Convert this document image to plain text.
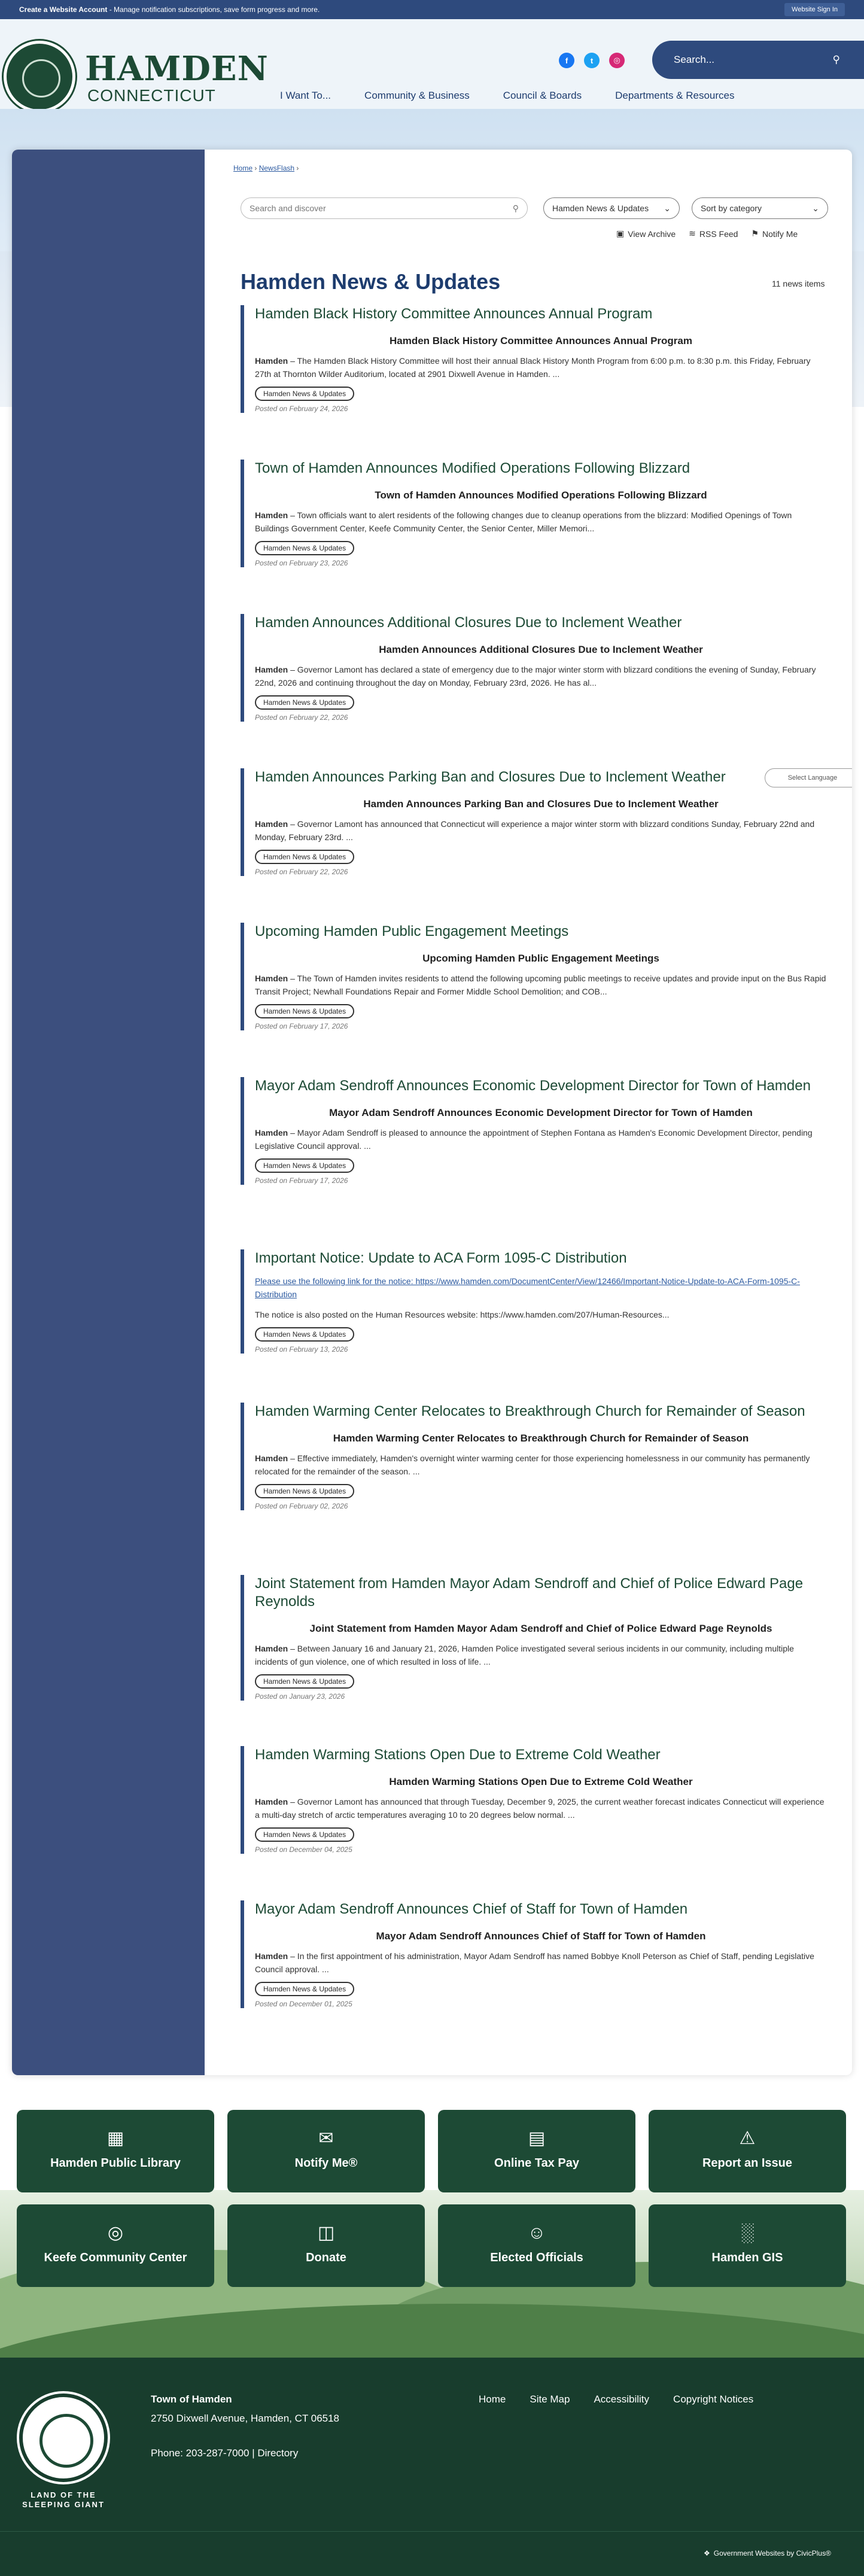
Create a Website Account - Manage notification subscriptions, save form progress and more.	Website Sign In
HAMDEN
CONNECTICUT
f	t	◎	Search...	⚲
I Want To...	Community & Business	Council & Boards	Departments & Resources
Home › NewsFlash ›
Search and discover	⚲	Hamden News & Updates ⌄	Sort by category	⌄
▣ View Archive ≋ RSS Feed ⚑ Notify Me
Hamden News & Updates	11 news items
Hamden Black History Committee Announces Annual Program
Hamden Black History Committee Announces Annual Program

Hamden – The Hamden Black History Committee will host their annual Black History Month Program from 6:00 p.m. to 8:30 p.m. this Friday, February 27th at Thornton Wilder Auditorium, located at 2901 Dixwell Avenue in Hamden. ...

Hamden News & Updates
Posted on February 24, 2026
Town of Hamden Announces Modified Operations Following Blizzard
Town of Hamden Announces Modified Operations Following Blizzard

Hamden – Town officials want to alert residents of the following changes due to cleanup operations from the blizzard: Modified Openings of Town Buildings Government Center, Keefe Community Center, the Senior Center, Miller Memori...

Hamden News & Updates
Posted on February 23, 2026
Hamden Announces Additional Closures Due to Inclement Weather
Hamden Announces Additional Closures Due to Inclement Weather

Hamden – Governor Lamont has declared a state of emergency due to the major winter storm with blizzard conditions the evening of Sunday, February 22nd, 2026 and continuing throughout the day on Monday, February 23rd, 2026. He has al...

Hamden News & Updates
Posted on February 22, 2026
Hamden Announces Parking Ban and Closures Due to Inclement Weather
Hamden Announces Parking Ban and Closures Due to Inclement Weather

Hamden – Governor Lamont has announced that Connecticut will experience a major winter storm with blizzard conditions Sunday, February 22nd and Monday, February 23rd. ...

Hamden News & Updates
Posted on February 22, 2026
Upcoming Hamden Public Engagement Meetings
Upcoming Hamden Public Engagement Meetings

Hamden – The Town of Hamden invites residents to attend the following upcoming public meetings to receive updates and provide input on the Bus Rapid Transit Project; Newhall Foundations Repair and Former Middle School Demolition; and COB...

Hamden News & Updates
Posted on February 17, 2026
Mayor Adam Sendroff Announces Economic Development Director for Town of Hamden
Mayor Adam Sendroff Announces Economic Development Director for Town of Hamden

Hamden – Mayor Adam Sendroff is pleased to announce the appointment of Stephen Fontana as Hamden's Economic Development Director, pending Legislative Council approval. ...

Hamden News & Updates
Posted on February 17, 2026
Important Notice: Update to ACA Form 1095-C Distribution

Please use the following link for the notice: https://www.hamden.com/DocumentCenter/View/12466/Important-Notice-Update-to-ACA-Form-1095-C-Distribution

The notice is also posted on the Human Resources website: https://www.hamden.com/207/Human-Resources...

Hamden News & Updates
Posted on February 13, 2026
Hamden Warming Center Relocates to Breakthrough Church for Remainder of Season
Hamden Warming Center Relocates to Breakthrough Church for Remainder of Season

Hamden – Effective immediately, Hamden's overnight winter warming center for those experiencing homelessness in our community has permanently relocated for the remainder of the season. ...

Hamden News & Updates
Posted on February 02, 2026
Joint Statement from Hamden Mayor Adam Sendroff and Chief of Police Edward Page Reynolds
Joint Statement from Hamden Mayor Adam Sendroff and Chief of Police Edward Page Reynolds

Hamden – Between January 16 and January 21, 2026, Hamden Police investigated several serious incidents in our community, including multiple incidents of gun violence, one of which resulted in loss of life. ...

Hamden News & Updates
Posted on January 23, 2026
Hamden Warming Stations Open Due to Extreme Cold Weather
Hamden Warming Stations Open Due to Extreme Cold Weather

Hamden – Governor Lamont has announced that through Tuesday, December 9, 2025, the current weather forecast indicates Connecticut will experience a multi-day stretch of arctic temperatures averaging 10 to 20 degrees below normal. ...

Hamden News & Updates
Posted on December 04, 2025
Mayor Adam Sendroff Announces Chief of Staff for Town of Hamden
Mayor Adam Sendroff Announces Chief of Staff for Town of Hamden

Hamden – In the first appointment of his administration, Mayor Adam Sendroff has named Bobbye Knoll Peterson as Chief of Staff, pending Legislative Council approval. ...

Hamden News & Updates
Posted on December 01, 2025
Select Language
▦
Hamden Public Library
✉
Notify Me®
▤
Online Tax Pay
⚠
Report an Issue
◎
Keefe Community Center
◫
Donate
☺
Elected Officials
░
Hamden GIS
LAND OF THE SLEEPING GIANT
Town of Hamden
2750 Dixwell Avenue, Hamden, CT 06518
Phone: 203-287-7000 | Directory
Home Site Map Accessibility Copyright Notices
❖ Government Websites by CivicPlus®
